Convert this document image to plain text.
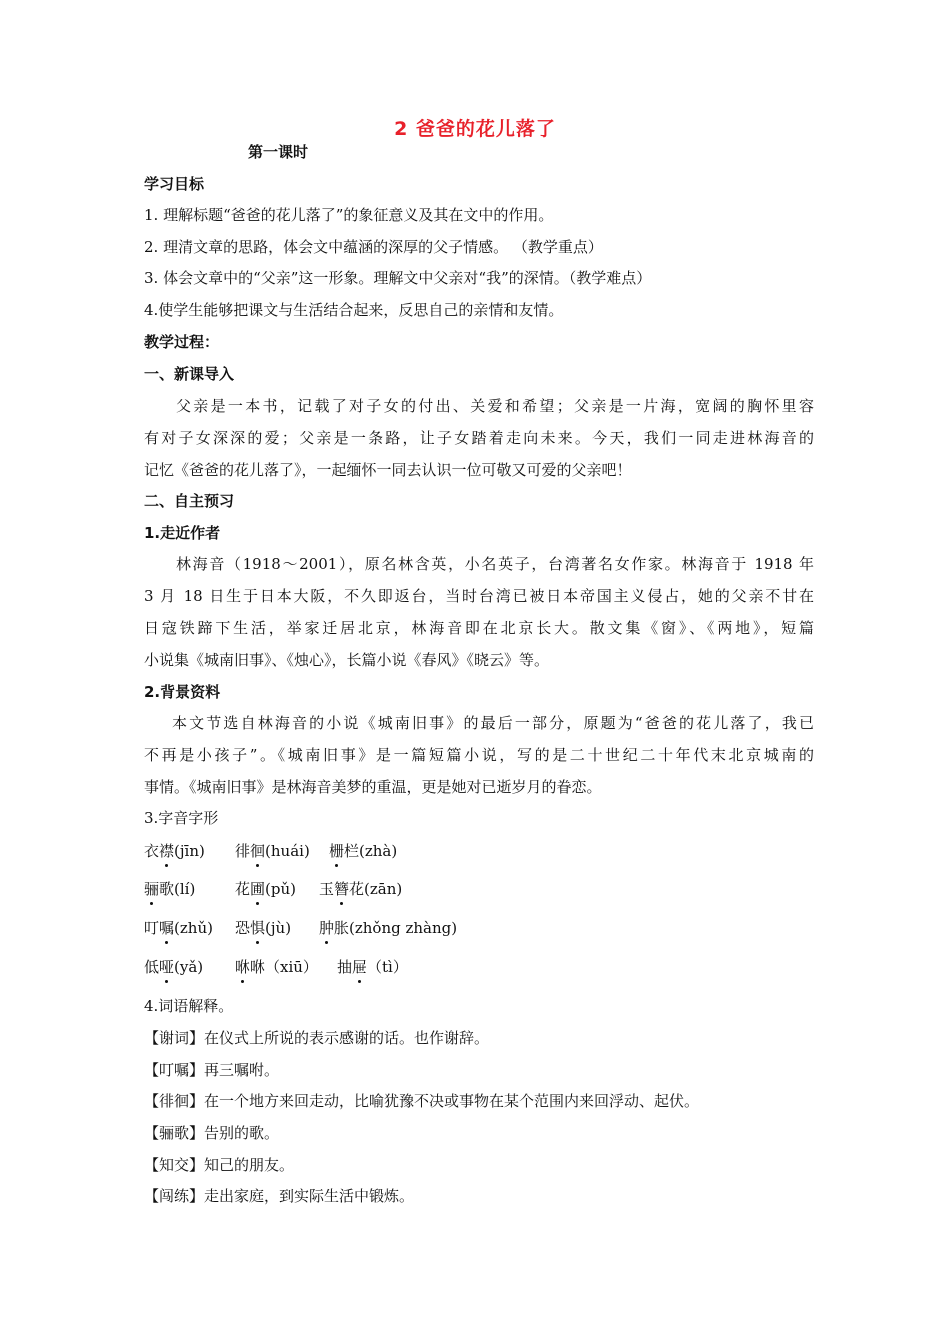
2 爸爸的花儿落了
第一课时
学习目标
1. 理解标题“爸爸的花儿落了”的象征意义及其在文中的作用。
2. 理清文章的思路，体会文中蕴涵的深厚的父子情感。 （教学重点）
3. 体会文章中的“父亲”这一形象。理解文中父亲对“我”的深情。（教学难点）
4.使学生能够把课文与生活结合起来，反思自己的亲情和友情。
教学过程：
一、新课导入
父亲是一本书，记载了对子女的付出、关爱和希望；父亲是一片海，宽阔的胸怀里容
有对子女深深的爱；父亲是一条路，让子女踏着走向未来。今天，我们一同走进林海音的
记忆《爸爸的花儿落了》，一起缅怀一同去认识一位可敬又可爱的父亲吧！
二、自主预习
1.走近作者
林海音（1918～2001），原名林含英，小名英子，台湾著名女作家。林海音于 1918 年
3 月 18 日生于日本大阪，不久即返台，当时台湾已被日本帝国主义侵占，她的父亲不甘在
日寇铁蹄下生活，举家迁居北京，林海音即在北京长大。散文集《窗》、《两地》，短篇
小说集《城南旧事》、《烛心》，长篇小说《春风》《晓云》等。
2.背景资料
本文节选自林海音的小说《城南旧事》的最后一部分，原题为“爸爸的花儿落了，我已
不再是小孩子”。《城南旧事》是一篇短篇小说，写的是二十世纪二十年代末北京城南的
事情。《城南旧事》是林海音美梦的重温，更是她对已逝岁月的眷恋。
3.字音字形
衣襟(jīn) 徘徊(huái) 栅栏(zhà)
骊歌(lí)	花圃(pǔ) 玉簪花(zān)
叮嘱(zhǔ) 恐惧(jù) 肿胀(zhǒng zhàng)
低哑(yǎ) 咻咻（xiū） 抽屉（tì）
4.词语解释。
【谢词】在仪式上所说的表示感谢的话。也作谢辞。
【叮嘱】再三嘱咐。
【徘徊】在一个地方来回走动，比喻犹豫不决或事物在某个范围内来回浮动、起伏。
【骊歌】告别的歌。
【知交】知己的朋友。
【闯练】走出家庭，到实际生活中锻炼。
